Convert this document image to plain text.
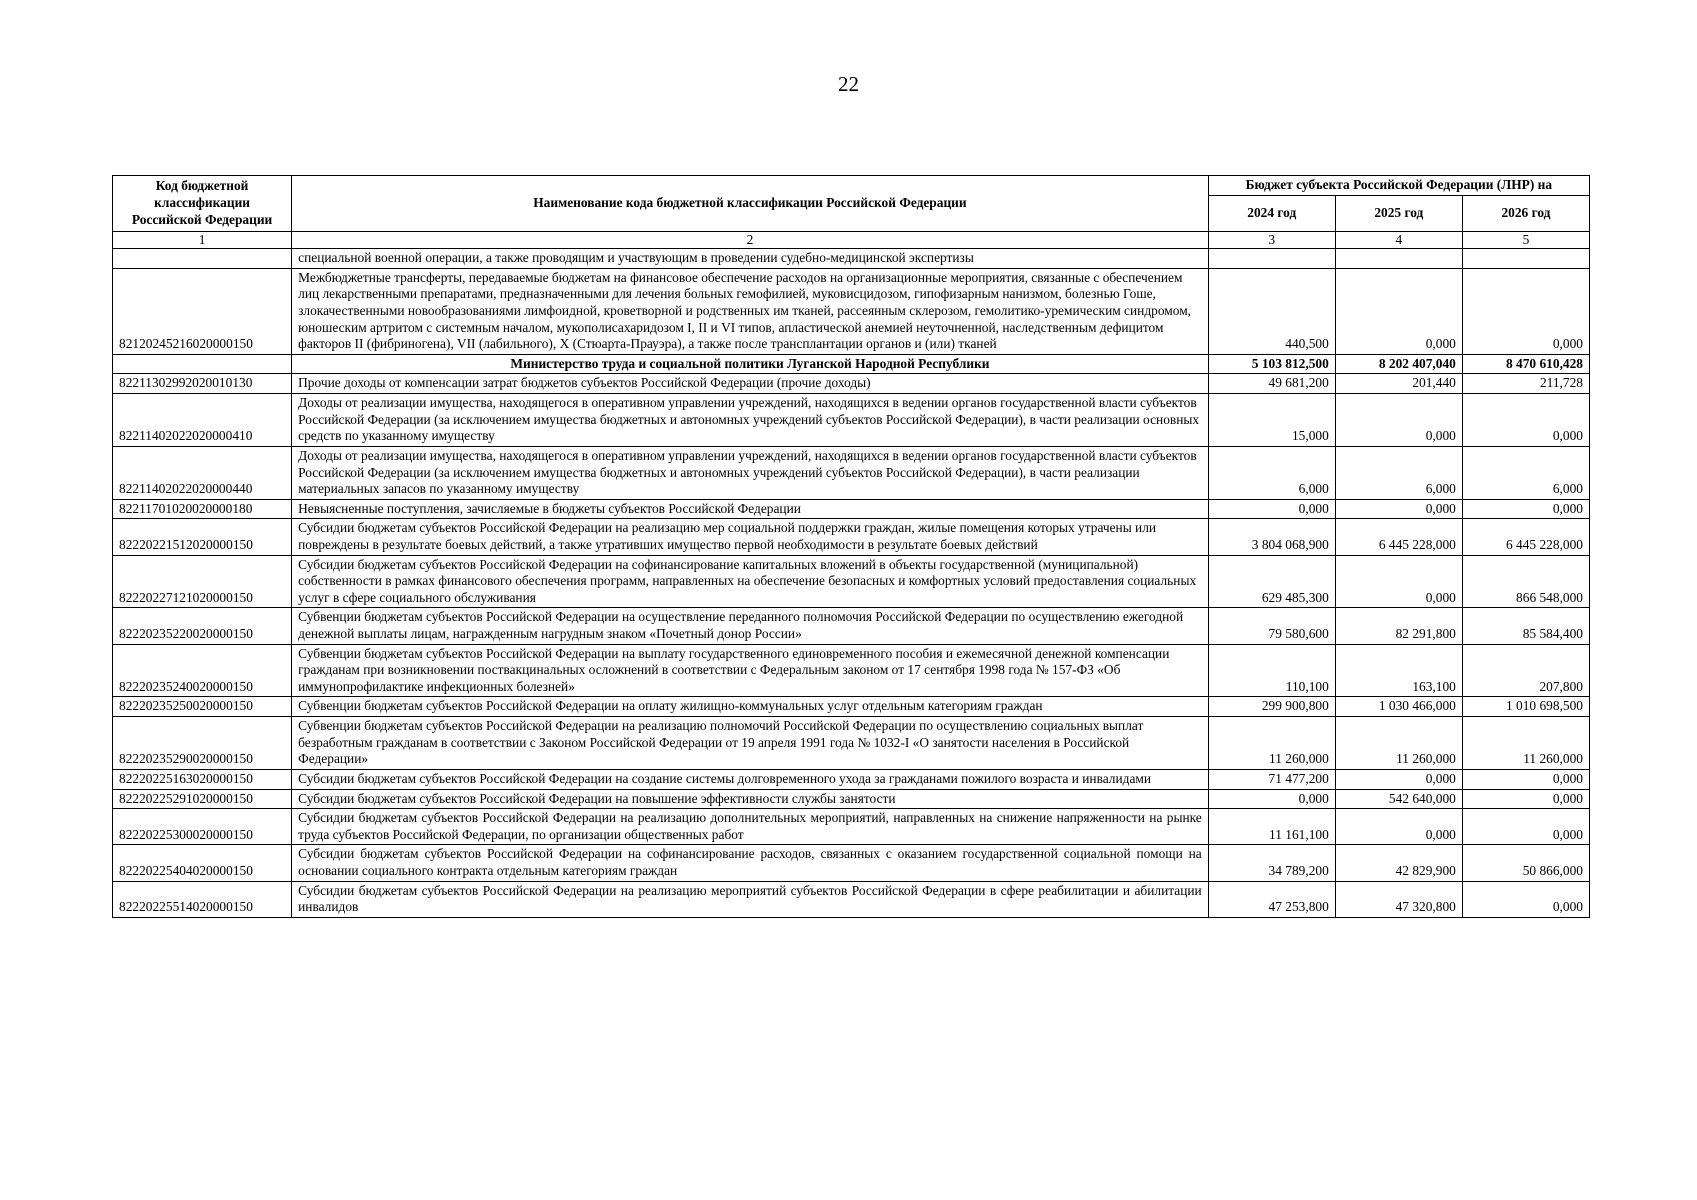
22
Код бюджетной классификации Российской Федерации	Наименование кода бюджетной классификации Российской Федерации	Бюджет субъекта Российской Федерации (ЛНР) на		
		2024 год	2025 год	2026 год
1	2	3	4	5
	специальной военной операции, а также проводящим и участвующим в проведении судебно-медицинской экспертизы			
82120245216020000150	Межбюджетные трансферты, передаваемые бюджетам на финансовое обеспечение расходов на организационные мероприятия, связанные с обеспечением лиц лекарственными препаратами, предназначенными для лечения больных гемофилией, муковисцидозом, гипофизарным нанизмом, болезнью Гоше, злокачественными новообразованиями лимфоидной, кроветворной и родственных им тканей, рассеянным склерозом, гемолитико-уремическим синдромом, юношеским артритом с системным началом, мукополисахаридозом I, II и VI типов, апластической анемией неуточненной, наследственным дефицитом факторов II (фибриногена), VII (лабильного), X (Стюарта-Прауэра), а также после трансплантации органов и (или) тканей	440,500	0,000	0,000
	Министерство труда и социальной политики Луганской Народной Республики	5 103 812,500	8 202 407,040	8 470 610,428
82211302992020010130	Прочие доходы от компенсации затрат бюджетов субъектов Российской Федерации (прочие доходы)	49 681,200	201,440	211,728
82211402022020000410	Доходы от реализации имущества, находящегося в оперативном управлении учреждений, находящихся в ведении органов государственной власти субъектов Российской Федерации (за исключением имущества бюджетных и автономных учреждений субъектов Российской Федерации), в части реализации основных средств по указанному имуществу	15,000	0,000	0,000
82211402022020000440	Доходы от реализации имущества, находящегося в оперативном управлении учреждений, находящихся в ведении органов государственной власти субъектов Российской Федерации (за исключением имущества бюджетных и автономных учреждений субъектов Российской Федерации), в части реализации материальных запасов по указанному имуществу	6,000	6,000	6,000
82211701020020000180	Невыясненные поступления, зачисляемые в бюджеты субъектов Российской Федерации	0,000	0,000	0,000
82220221512020000150	Субсидии бюджетам субъектов Российской Федерации на реализацию мер социальной поддержки граждан, жилые помещения которых утрачены или повреждены в результате боевых действий, а также утративших имущество первой необходимости в результате боевых действий	3 804 068,900	6 445 228,000	6 445 228,000
82220227121020000150	Субсидии бюджетам субъектов Российской Федерации на софинансирование капитальных вложений в объекты государственной (муниципальной) собственности в рамках финансового обеспечения программ, направленных на обеспечение безопасных и комфортных условий предоставления социальных услуг в сфере социального обслуживания	629 485,300	0,000	866 548,000
82220235220020000150	Субвенции бюджетам субъектов Российской Федерации на осуществление переданного полномочия Российской Федерации по осуществлению ежегодной денежной выплаты лицам, награжденным нагрудным знаком «Почетный донор России»	79 580,600	82 291,800	85 584,400
82220235240020000150	Субвенции бюджетам субъектов Российской Федерации на выплату государственного единовременного пособия и ежемесячной денежной компенсации гражданам при возникновении поствакцинальных осложнений в соответствии с Федеральным законом от 17 сентября 1998 года № 157-ФЗ «Об иммунопрофилактике инфекционных болезней»	110,100	163,100	207,800
82220235250020000150	Субвенции бюджетам субъектов Российской Федерации на оплату жилищно-коммунальных услуг отдельным категориям граждан	299 900,800	1 030 466,000	1 010 698,500
82220235290020000150	Субвенции бюджетам субъектов Российской Федерации на реализацию полномочий Российской Федерации по осуществлению социальных выплат безработным гражданам в соответствии с Законом Российской Федерации от 19 апреля 1991 года № 1032-I «О занятости населения в Российской Федерации»	11 260,000	11 260,000	11 260,000
82220225163020000150	Субсидии бюджетам субъектов Российской Федерации на создание системы долговременного ухода за гражданами пожилого возраста и инвалидами	71 477,200	0,000	0,000
82220225291020000150	Субсидии бюджетам субъектов Российской Федерации на повышение эффективности службы занятости	0,000	542 640,000	0,000
82220225300020000150	Субсидии бюджетам субъектов Российской Федерации на реализацию дополнительных мероприятий, направленных на снижение напряженности на рынке труда субъектов Российской Федерации, по организации общественных работ	11 161,100	0,000	0,000
82220225404020000150	Субсидии бюджетам субъектов Российской Федерации на софинансирование расходов, связанных с оказанием государственной социальной помощи на основании социального контракта отдельным категориям граждан	34 789,200	42 829,900	50 866,000
82220225514020000150	Субсидии бюджетам субъектов Российской Федерации на реализацию мероприятий субъектов Российской Федерации в сфере реабилитации и абилитации инвалидов	47 253,800	47 320,800	0,000
